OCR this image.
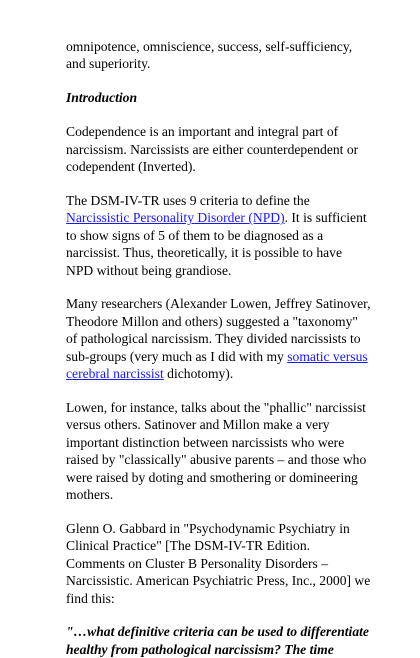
omnipotence, omniscience, success, self-sufficiency, and superiority.

Introduction

Codependence is an important and integral part of narcissism. Narcissists are either counterdependent or codependent (Inverted).

The DSM-IV-TR uses 9 criteria to define the Narcissistic Personality Disorder (NPD). It is sufficient to show signs of 5 of them to be diagnosed as a narcissist. Thus, theoretically, it is possible to have NPD without being grandiose.

Many researchers (Alexander Lowen, Jeffrey Satinover, Theodore Millon and others) suggested a "taxonomy" of pathological narcissism. They divided narcissists to sub-groups (very much as I did with my somatic versus cerebral narcissist dichotomy).

Lowen, for instance, talks about the "phallic" narcissist versus others. Satinover and Millon make a very important distinction between narcissists who were raised by "classically" abusive parents – and those who were raised by doting and smothering or domineering mothers.

Glenn O. Gabbard in "Psychodynamic Psychiatry in Clinical Practice" [The DSM-IV-TR Edition. Comments on Cluster B Personality Disorders – Narcissistic. American Psychiatric Press, Inc., 2000] we find this:

"…what definitive criteria can be used to differentiate healthy from pathological narcissism? The time
